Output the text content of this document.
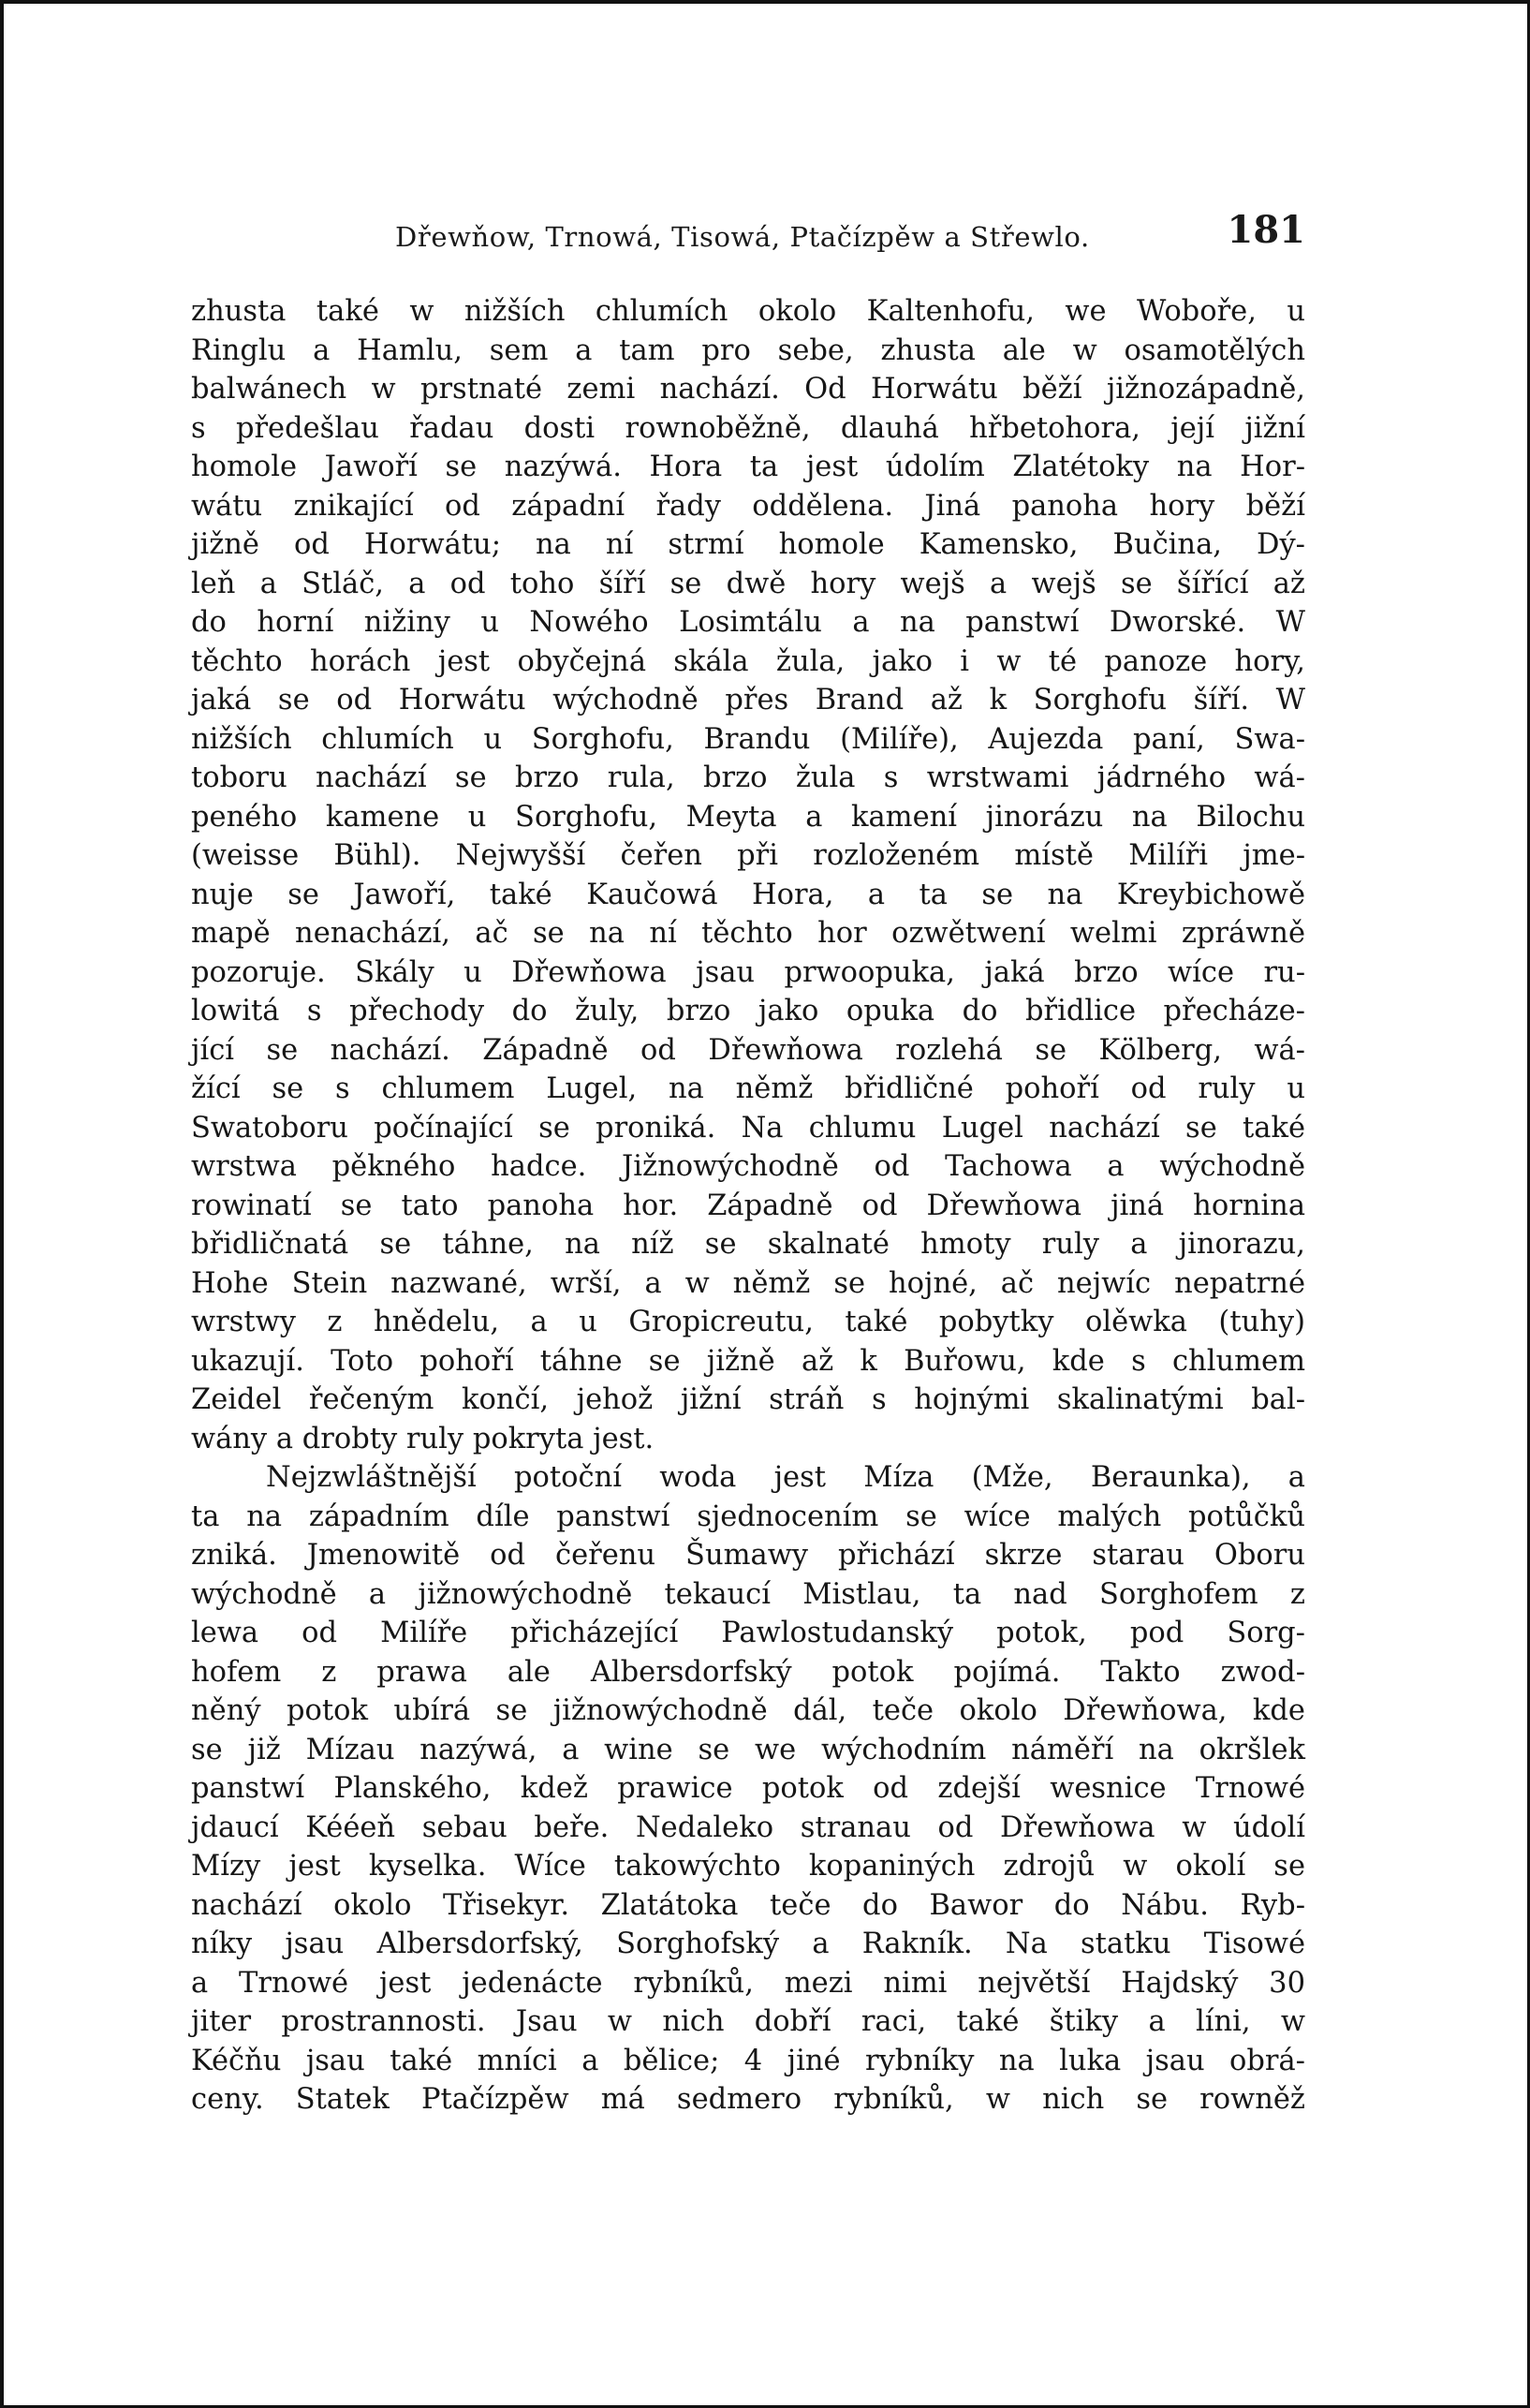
Dřewňow, Trnowá, Tisowá, Ptačízpěw a Střewlo.	181
zhusta také w nižších chlumích okolo Kaltenhofu, we Woboře, u
Ringlu a Hamlu, sem a tam pro sebe, zhusta ale w osamotělých
balwánech w prstnaté zemi nachází. Od Horwátu běží jižnozápadně,
s předešlau řadau dosti rownoběžně, dlauhá hřbetohora, její jižní
homole Jawoří se nazýwá. Hora ta jest údolím Zlatétoky na Hor-
wátu znikající od západní řady oddělena. Jiná panoha hory běží
jižně od Horwátu; na ní strmí homole Kamensko, Bučina, Dý-
leň a Stláč, a od toho šíří se dwě hory wejš a wejš se šířící až
do horní nižiny u Nowého Losimtálu a na panstwí Dworské. W
těchto horách jest obyčejná skála žula, jako i w té panoze hory,
jaká se od Horwátu wýchodně přes Brand až k Sorghofu šíří. W
nižších chlumích u Sorghofu, Brandu (Milíře), Aujezda paní, Swa-
toboru nachází se brzo rula, brzo žula s wrstwami jádrného wá-
peného kamene u Sorghofu, Meyta a kamení jinorázu na Bilochu
(weisse Bühl). Nejwyšší čeřen při rozloženém místě Milíři jme-
nuje se Jawoří, také Kaučowá Hora, a ta se na Kreybichowě
mapě nenachází, ač se na ní těchto hor ozwětwení welmi zpráwně
pozoruje. Skály u Dřewňowa jsau prwoopuka, jaká brzo wíce ru-
lowitá s přechody do žuly, brzo jako opuka do břidlice přecháze-
jící se nachází. Západně od Dřewňowa rozlehá se Kölberg, wá-
žící se s chlumem Lugel, na němž břidličné pohoří od ruly u
Swatoboru počínající se proniká. Na chlumu Lugel nachází se také
wrstwa pěkného hadce. Jižnowýchodně od Tachowa a wýchodně
rowinatí se tato panoha hor. Západně od Dřewňowa jiná hornina
břidličnatá se táhne, na níž se skalnaté hmoty ruly a jinorazu,
Hohe Stein nazwané, wrší, a w němž se hojné, ač nejwíc nepatrné
wrstwy z hnědelu, a u Gropicreutu, také pobytky olěwka (tuhy)
ukazují. Toto pohoří táhne se jižně až k Buřowu, kde s chlumem
Zeidel řečeným končí, jehož jižní stráň s hojnými skalinatými bal-
wány a drobty ruly pokryta jest.
Nejzwláštnější potoční woda jest Míza (Mže, Beraunka), a
ta na západním díle panstwí sjednocením se wíce malých potůčků
zniká. Jmenowitě od čeřenu Šumawy přichází skrze starau Oboru
wýchodně a jižnowýchodně tekaucí Mistlau, ta nad Sorghofem z
lewa od Milíře přicházející Pawlostudanský potok, pod Sorg-
hofem z prawa ale Albersdorfský potok pojímá. Takto zwod-
něný potok ubírá se jižnowýchodně dál, teče okolo Dřewňowa, kde
se již Mízau nazýwá, a wine se we wýchodním náměří na okršlek
panstwí Planského, kdež prawice potok od zdejší wesnice Trnowé
jdaucí Kééeň sebau beře. Nedaleko stranau od Dřewňowa w údolí
Mízy jest kyselka. Wíce takowýchto kopaniných zdrojů w okolí se
nachází okolo Třisekyr. Zlatátoka teče do Bawor do Nábu. Ryb-
níky jsau Albersdorfský, Sorghofský a Rakník. Na statku Tisowé
a Trnowé jest jedenácte rybníků, mezi nimi největší Hajdský 30
jiter prostrannosti. Jsau w nich dobří raci, také štiky a líni, w
Kéčňu jsau také mníci a bělice; 4 jiné rybníky na luka jsau obrá-
ceny. Statek Ptačízpěw má sedmero rybníků, w nich se rowněž
